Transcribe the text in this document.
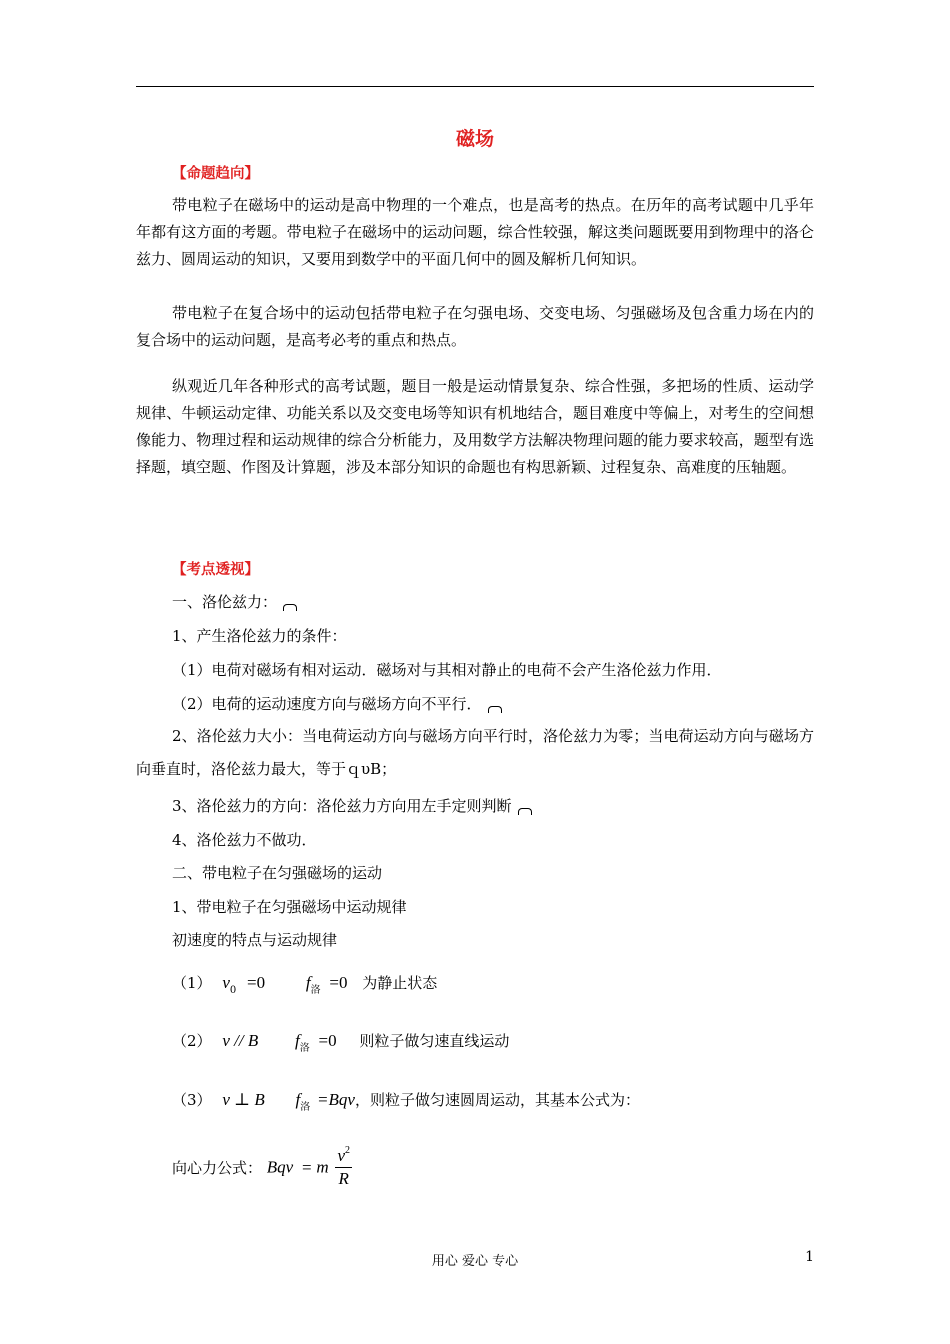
磁场
【命题趋向】
带电粒子在磁场中的运动是高中物理的一个难点，也是高考的热点。在历年的高考试题中几乎年年都有这方面的考题。带电粒子在磁场中的运动问题，综合性较强，解这类问题既要用到物理中的洛仑兹力、圆周运动的知识，又要用到数学中的平面几何中的圆及解析几何知识。
带电粒子在复合场中的运动包括带电粒子在匀强电场、交变电场、匀强磁场及包含重力场在内的复合场中的运动问题，是高考必考的重点和热点。
纵观近几年各种形式的高考试题，题目一般是运动情景复杂、综合性强，多把场的性质、运动学规律、牛顿运动定律、功能关系以及交变电场等知识有机地结合，题目难度中等偏上，对考生的空间想像能力、物理过程和运动规律的综合分析能力，及用数学方法解决物理问题的能力要求较高，题型有选择题，填空题、作图及计算题，涉及本部分知识的命题也有构思新颖、过程复杂、高难度的压轴题。
【考点透视】
一、洛伦兹力：
1、产生洛伦兹力的条件：
（1）电荷对磁场有相对运动．磁场对与其相对静止的电荷不会产生洛伦兹力作用．
（2）电荷的运动速度方向与磁场方向不平行．
2、洛伦兹力大小：当电荷运动方向与磁场方向平行时，洛伦兹力为零；当电荷运动方向与磁场方向垂直时，洛伦兹力最大，等于ｑυB；
3、洛伦兹力的方向：洛伦兹力方向用左手定则判断
4、洛伦兹力不做功．
二、带电粒子在匀强磁场的运动
1、带电粒子在匀强磁场中运动规律
初速度的特点与运动规律
（1） $v_0 =0$ $f_洛 =0$ 为静止状态
（2） v // B $f_洛 =0$ 则粒子做匀速直线运动
（3） v ⊥ B $f_洛 =Bqv$，则粒子做匀速圆周运动，其基本公式为：
向心力公式： Bqv = m $\frac{v^2}{R}$
用心 爱心 专心	1
